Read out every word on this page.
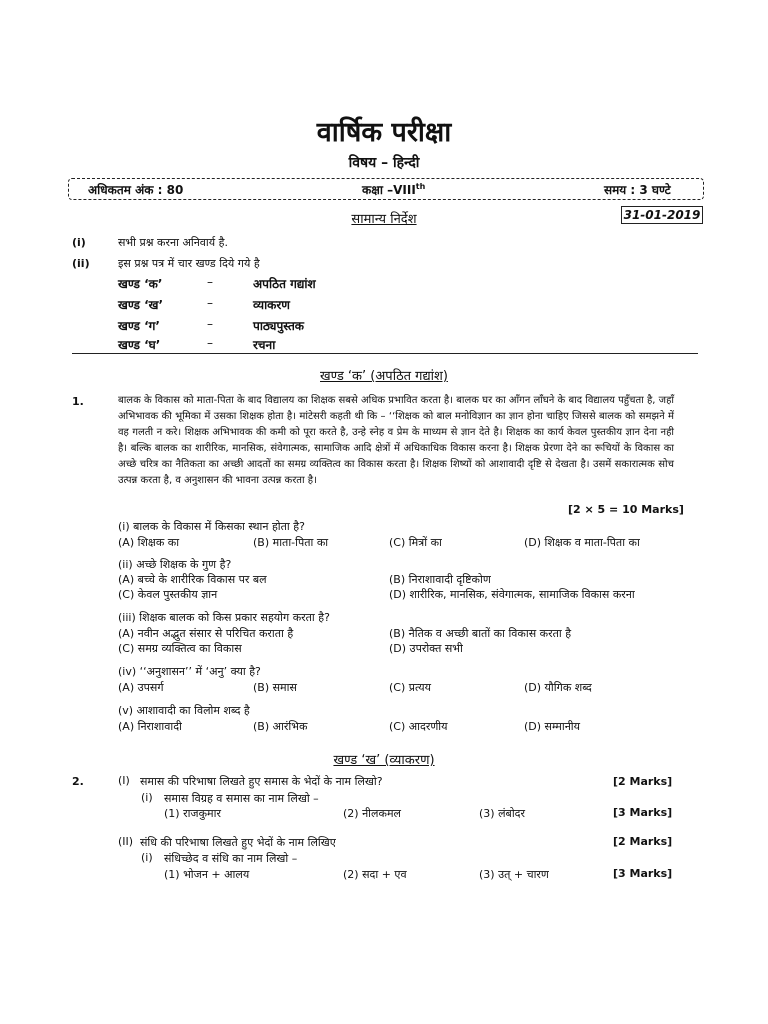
वार्षिक परीक्षा
विषय – हिन्दी
अधिकतम अंक : 80	कक्षा –VIIIth	समय : 3 घण्टे
31-01-2019
सामान्य निर्देश
(i)	सभी प्रश्न करना अनिवार्य है.
(ii)	इस प्रश्न पत्र में चार खण्ड दिये गये है
खण्ड ‘क’	–	अपठित गद्यांश
खण्ड ‘ख’	–	व्याकरण
खण्ड ‘ग’	–	पाठ्यपुस्तक
खण्ड ‘घ’	–	रचना
खण्ड ‘क’ (अपठित गद्यांश)
1.	बालक के विकास को माता-पिता के बाद विद्यालय का शिक्षक सबसे अधिक प्रभावित करता है। बालक घर का आँगन लाँघने के बाद विद्यालय पहुँचता है, जहाँ अभिभावक की भूमिका में उसका शिक्षक होता है। मांटेसरी कहती थी कि – ‘‘शिक्षक को बाल मनोविज्ञान का ज्ञान होना चाहिए जिससे बालक को समझने में वह गलती न करे। शिक्षक अभिभावक की कमी को पूरा करते है, उन्हे स्नेह व प्रेम के माध्यम से ज्ञान देते है। शिक्षक का कार्य केवल पुस्तकीय ज्ञान देना नही है। बल्कि बालक का शारीरिक, मानसिक, संवेगात्मक, सामाजिक आदि क्षेत्रों में अधिकाधिक विकास करना है। शिक्षक प्रेरणा देने का रूचियों के विकास का अच्छे चरित्र का नैतिकता का अच्छी आदतों का समग्र व्यक्तित्व का विकास करता है। शिक्षक शिष्यों को आशावादी दृष्टि से देखता है। उसमें सकारात्मक सोच उत्पन्न करता है, व अनुशासन की भावना उत्पन्न करता है।
[2 × 5 = 10 Marks]
(i) बालक के विकास में किसका स्थान होता है?
(A) शिक्षक का	(B) माता-पिता का	(C) मित्रों का	(D) शिक्षक व माता-पिता का
(ii) अच्छे शिक्षक के गुण है?
(A) बच्चे के शारीरिक विकास पर बल	(B) निराशावादी दृष्टिकोण
(C) केवल पुस्तकीय ज्ञान	(D) शारीरिक, मानसिक, संवेगात्मक, सामाजिक विकास करना
(iii) शिक्षक बालक को किस प्रकार सहयोग करता है?
(A) नवीन अद्भुत संसार से परिचित कराता है	(B) नैतिक व अच्छी बातों का विकास करता है
(C) समग्र व्यक्तित्व का विकास	(D) उपरोक्त सभी
(iv) ‘‘अनुशासन’’ में ‘अनु’ क्या है?
(A) उपसर्ग	(B) समास	(C) प्रत्यय	(D) यौगिक शब्द
(v) आशावादी का विलोम शब्द है
(A) निराशावादी	(B) आरंभिक	(C) आदरणीय	(D) सम्मानीय
खण्ड ‘ख’ (व्याकरण)
2.	(I) समास की परिभाषा लिखते हुए समास के भेदों के नाम लिखो?	[2 Marks]
(i) समास विग्रह व समास का नाम लिखो –
(1) राजकुमार	(2) नीलकमल	(3) लंबोदर	[3 Marks]
(II) संधि की परिभाषा लिखते हुए भेदों के नाम लिखिए	[2 Marks]
(i) संधिच्छेद व संधि का नाम लिखो –
(1) भोजन + आलय	(2) सदा + एव	(3) उत् + चारण	[3 Marks]
